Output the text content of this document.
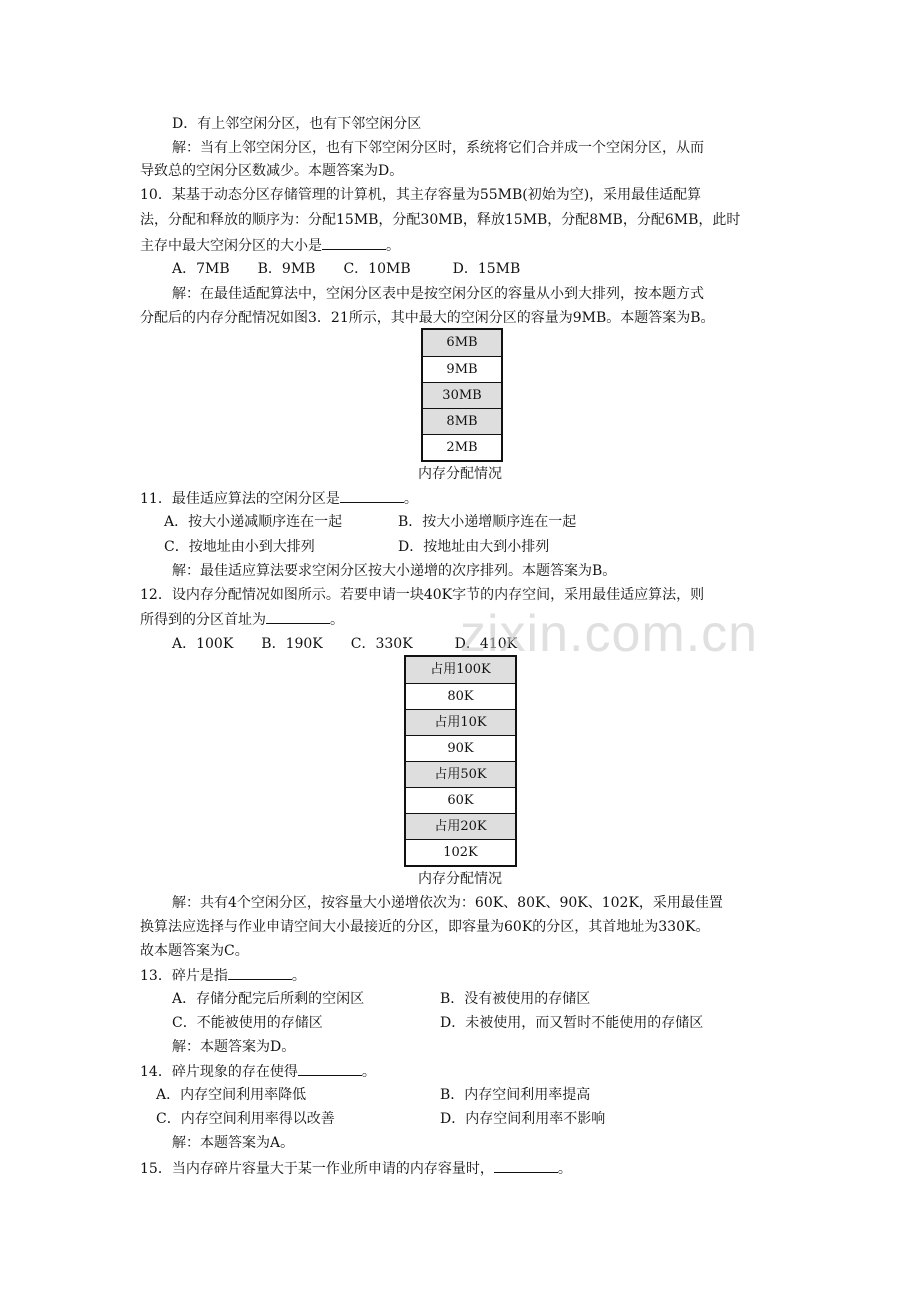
D．有上邻空闲分区，也有下邻空闲分区
解：当有上邻空闲分区，也有下邻空闲分区时，系统将它们合并成一个空闲分区，从而
导致总的空闲分区数减少。本题答案为D。
10．某基于动态分区存储管理的计算机，其主存容量为55MB(初始为空)，采用最佳适配算
法，分配和释放的顺序为：分配15MB，分配30MB，释放15MB，分配8MB，分配6MB，此时
主存中最大空闲分区的大小是	。
A．7MB　　B．9MB　　C．10MB　　　D．15MB
解：在最佳适配算法中，空闲分区表中是按空闲分区的容量从小到大排列，按本题方式
分配后的内存分配情况如图3．21所示，其中最大的空闲分区的容量为9MB。本题答案为B。
6MB
9MB
30MB
8MB
2MB
内存分配情况
11．最佳适应算法的空闲分区是	。
A．按大小递减顺序连在一起	B．按大小递增顺序连在一起
C．按地址由小到大排列	D．按地址由大到小排列
解：最佳适应算法要求空闲分区按大小递增的次序排列。本题答案为B。
12．设内存分配情况如图所示。若要申请一块40K字节的内存空间，采用最佳适应算法，则
所得到的分区首址为	。
A．100K　　B．190K　　C．330K　　　D．410K
占用100K
80K
占用10K
90K
占用50K
60K
占用20K
102K
内存分配情况
解：共有4个空闲分区，按容量大小递增依次为：60K、80K、90K、102K，采用最佳置
换算法应选择与作业申请空间大小最接近的分区，即容量为60K的分区，其首地址为330K。
故本题答案为C。
13．碎片是指	。
A．存储分配完后所剩的空闲区	B．没有被使用的存储区
C．不能被使用的存储区	D．未被使用，而又暂时不能使用的存储区
解：本题答案为D。
14．碎片现象的存在使得	。
A．内存空间利用率降低	B．内存空间利用率提高
C．内存空间利用率得以改善	D．内存空间利用率不影响
解：本题答案为A。
15．当内存碎片容量大于某一作业所申请的内存容量时，	。
zixin.com.cn
